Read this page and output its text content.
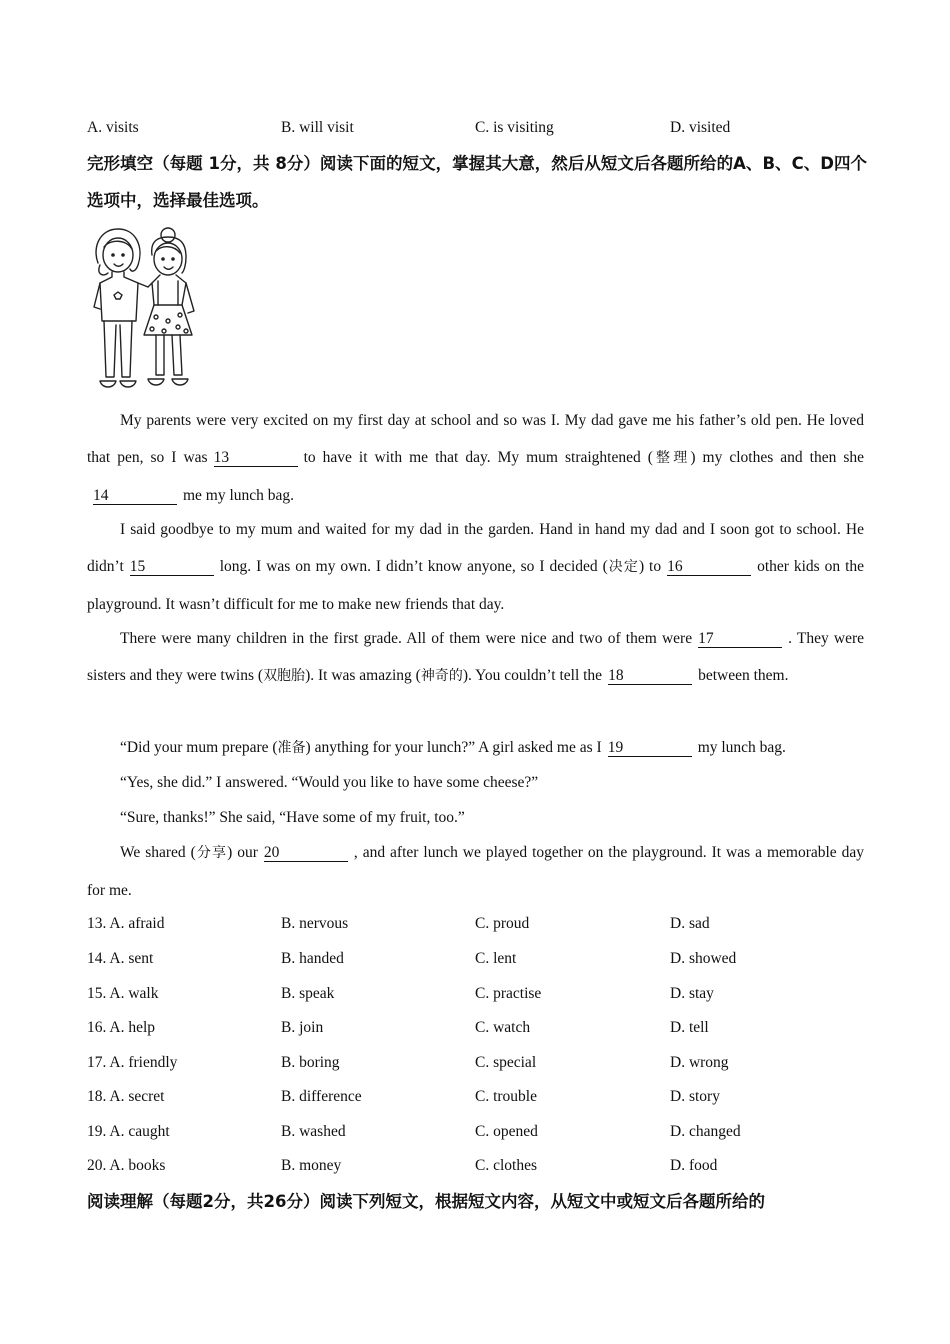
A. visits	B. will visit	C. is visiting	D. visited
完形填空（每题 1分，共 8分）阅读下面的短文，掌握其大意，然后从短文后各题所给的A、B、C、D四个选项中，选择最佳选项。
My parents were very excited on my first day at school and so was I. My dad gave me his father’s old pen. He loved that pen, so I was 13	to have it with me that day. My mum straightened (整理) my clothes and then she14	me my lunch bag.
I said goodbye to my mum and waited for my dad in the garden. Hand in hand my dad and I soon got to school. He didn’t 15	long. I was on my own. I didn’t know anyone, so I decided (决定) to 16	other kids on the playground. It wasn’t difficult for me to make new friends that day.
There were many children in the first grade. All of them were nice and two of them were 17	. They were sisters and they were twins (双胞胎). It was amazing (神奇的). You couldn’t tell the 18	between them.
“Did your mum prepare (准备) anything for your lunch?” A girl asked me as I 19	my lunch bag.
“Yes, she did.” I answered. “Would you like to have some cheese?”
“Sure, thanks!” She said, “Have some of my fruit, too.”
We shared (分享) our 20	, and after lunch we played together on the playground. It was a memorable day for me.
13. A. afraid	B. nervous	C. proud	D. sad
14. A. sent	B. handed	C. lent	D. showed
15. A. walk	B. speak	C. practise	D. stay
16. A. help	B. join	C. watch	D. tell
17. A. friendly	B. boring	C. special	D. wrong
18. A. secret	B. difference	C. trouble	D. story
19. A. caught	B. washed	C. opened	D. changed
20. A. books	B. money	C. clothes	D. food
阅读理解（每题2分，共26分）阅读下列短文，根据短文内容，从短文中或短文后各题所给的
